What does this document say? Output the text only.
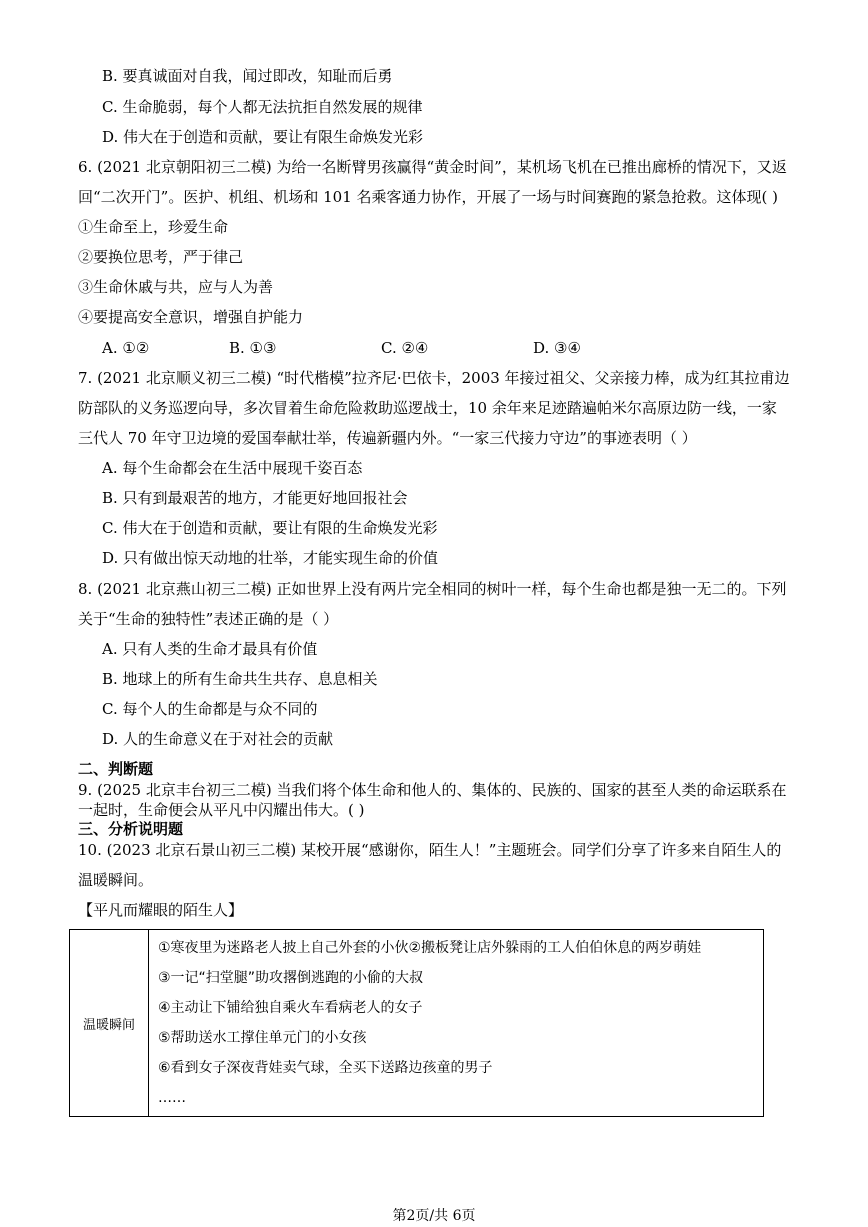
B. 要真诚面对自我，闻过即改，知耻而后勇
C. 生命脆弱，每个人都无法抗拒自然发展的规律
D. 伟大在于创造和贡献，要让有限生命焕发光彩
6. (2021 北京朝阳初三二模) 为给一名断臂男孩赢得“黄金时间”，某机场飞机在已推出廊桥的情况下，又返
回“二次开门”。医护、机组、机场和 101 名乘客通力协作，开展了一场与时间赛跑的紧急抢救。这体现( )
①生命至上，珍爱生命
②要换位思考，严于律己
③生命休戚与共，应与人为善
④要提高安全意识，增强自护能力
A. ①②	B. ①③	C. ②④	D. ③④
7. (2021 北京顺义初三二模) “时代楷模”拉齐尼·巴依卡，2003 年接过祖父、父亲接力棒，成为红其拉甫边
防部队的义务巡逻向导，多次冒着生命危险救助巡逻战士，10 余年来足迹踏遍帕米尔高原边防一线，一家
三代人 70 年守卫边境的爱国奉献壮举，传遍新疆内外。“一家三代接力守边”的事迹表明（ ）
A. 每个生命都会在生活中展现千姿百态
B. 只有到最艰苦的地方，才能更好地回报社会
C. 伟大在于创造和贡献，要让有限的生命焕发光彩
D. 只有做出惊天动地的壮举，才能实现生命的价值
8. (2021 北京燕山初三二模) 正如世界上没有两片完全相同的树叶一样，每个生命也都是独一无二的。下列
关于“生命的独特性”表述正确的是（ ）
A. 只有人类的生命才最具有价值
B. 地球上的所有生命共生共存、息息相关
C. 每个人的生命都是与众不同的
D. 人的生命意义在于对社会的贡献
二、判断题
9. (2025 北京丰台初三二模) 当我们将个体生命和他人的、集体的、民族的、国家的甚至人类的命运联系在
一起时，生命便会从平凡中闪耀出伟大。( )
三、分析说明题
10. (2023 北京石景山初三二模) 某校开展“感谢你，陌生人！”主题班会。同学们分享了许多来自陌生人的
温暖瞬间。
【平凡而耀眼的陌生人】
温暖瞬间	
①寒夜里为迷路老人披上自己外套的小伙②搬板凳让店外躲雨的工人伯伯休息的两岁萌娃
③一记“扫堂腿”助攻撂倒逃跑的小偷的大叔
④主动让下铺给独自乘火车看病老人的女子
⑤帮助送水工撑住单元门的小女孩
⑥看到女子深夜背娃卖气球，全买下送路边孩童的男子
……
第2页/共 6页
